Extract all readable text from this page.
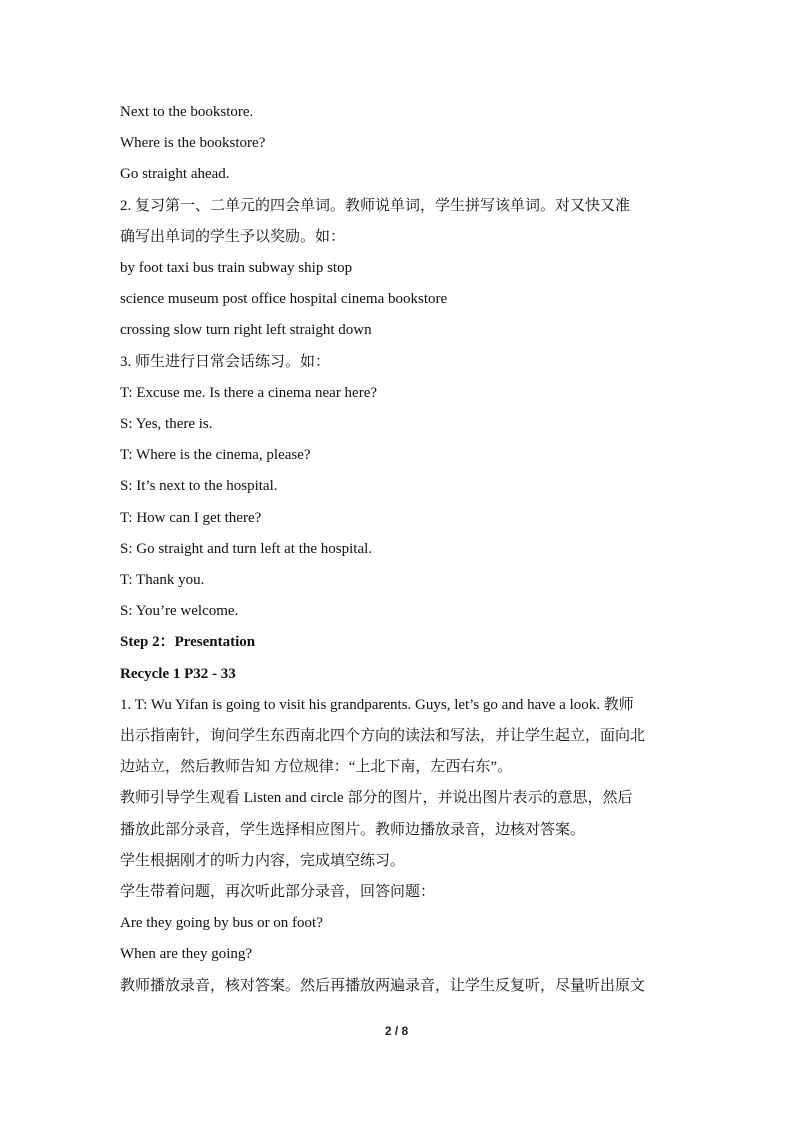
Next to the bookstore.
Where is the bookstore?
Go straight ahead.
2. 复习第一、二单元的四会单词。教师说单词，学生拼写该单词。对又快又准
确写出单词的学生予以奖励。如：
by foot taxi bus train subway ship stop
science museum post office hospital cinema bookstore
crossing slow turn right left straight down
3. 师生进行日常会话练习。如：
T: Excuse me. Is there a cinema near here?
S: Yes, there is.
T: Where is the cinema, please?
S: It’s next to the hospital.
T: How can I get there?
S: Go straight and turn left at the hospital.
T: Thank you.
S: You’re welcome.
Step 2：Presentation
Recycle 1 P32 - 33
1. T: Wu Yifan is going to visit his grandparents. Guys, let’s go and have a look. 教师
出示指南针，询问学生东西南北四个方向的读法和写法，并让学生起立，面向北
边站立，然后教师告知 方位规律：“上北下南，左西右东”。
教师引导学生观看 Listen and circle 部分的图片，并说出图片表示的意思，然后
播放此部分录音，学生选择相应图片。教师边播放录音，边核对答案。
学生根据刚才的听力内容，完成填空练习。
学生带着问题，再次听此部分录音，回答问题：
Are they going by bus or on foot?
When are they going?
教师播放录音，核对答案。然后再播放两遍录音，让学生反复听，尽量听出原文
2 / 8
